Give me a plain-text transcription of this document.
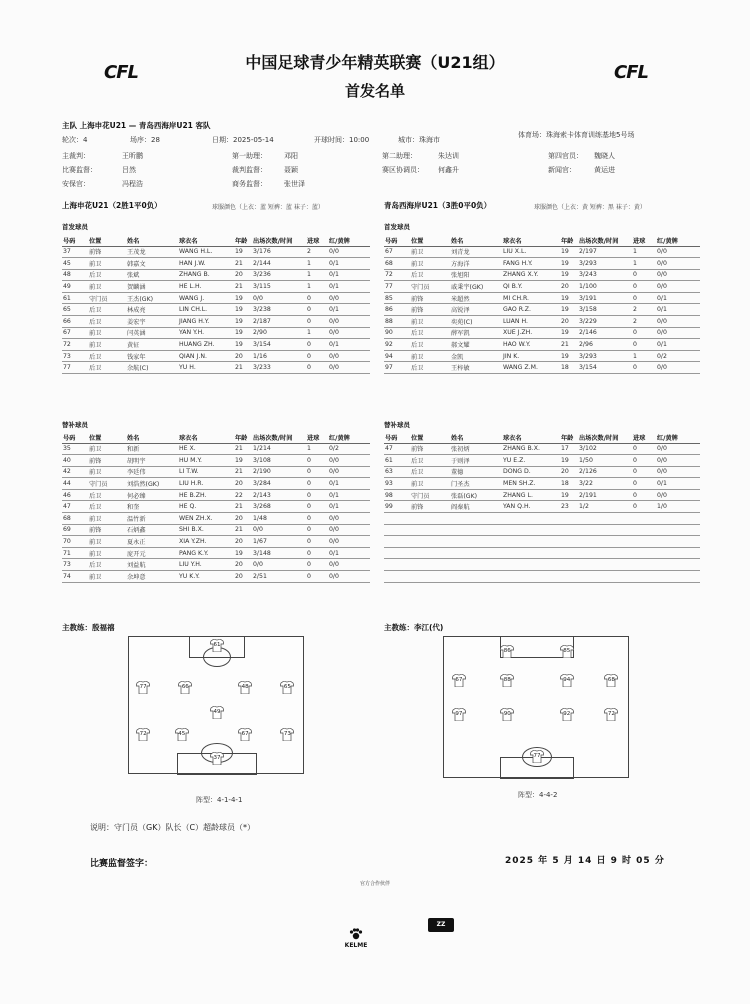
CFL	CFL
中国足球青少年精英联赛（U21组）
首发名单
主队 上海申花U21 — 青岛西海岸U21 客队
轮次：4	场序：28	日期：2025-05-14	开球时间：10:00	城市：珠海市
体育场：珠海索卡体育训练基地5号场
主裁判：	王昕鹏	第一助理： 邓阳	第二助理：	朱达训	第四官员： 魏晓人
比赛监督：	吕然	裁判监督： 聂颖	赛区协调员： 何鑫升	新闻官：	黄运进
安保官：	冯程浩	商务监督： 张世泽
上海申花U21（2胜1平0负）	球服颜色（上衣：蓝 短裤：蓝 袜子：蓝）
首发球员
号码	位置	姓名	球衣名	年龄	出场次数/时间	进球	红/黄牌
37	前锋	王茂龙	WANG H.L.	19	3/176	2	0/0
45	前卫	韩嘉文	HAN J.W.	21	2/144	1	0/1
48	后卫	张斌	ZHANG B.	20	3/236	1	0/1
49	前卫	贺麟涵	HE L.H.	21	3/115	1	0/1
61	守门员	王杰(GK)	WANG J.	19	0/0	0	0/0
65	后卫	林成亮	LIN CH.L.	19	3/238	0	0/1
66	后卫	姜宏宇	JIANG H.Y.	19	2/187	0	0/0
67	前卫	闫英涵	YAN Y.H.	19	2/90	1	0/0
72	前卫	黄征	HUANG ZH.	19	3/154	0	0/1
73	后卫	钱家年	QIAN J.N.	20	1/16	0	0/0
77	后卫	余航(C)	YU H.	21	3/233	0	0/0
替补球员
号码	位置	姓名	球衣名	年龄	出场次数/时间	进球	红/黄牌
35	前卫	和新	HE X.	21	1/214	1	0/2
40	前锋	胡明宇	HU M.Y.	19	3/108	0	0/0
42	前卫	李廷伟	LI T.W.	21	2/190	0	0/0
44	守门员	刘浩然(GK)	LIU H.R.	20	3/284	0	0/1
46	后卫	何必臻	HE B.ZH.	22	2/143	0	0/1
47	后卫	和奎	HE Q.	21	3/268	0	0/1
68	前卫	温竹新	WEN ZH.X.	20	1/48	0	0/0
69	前锋	石炳鑫	SHI B.X.	21	0/0	0	0/0
70	前卫	夏永正	XIA Y.ZH.	20	1/67	0	0/0
71	前卫	庞开元	PANG K.Y.	19	3/148	0	0/1
73	后卫	刘益航	LIU Y.H.	20	0/0	0	0/0
74	前卫	余坤意	YU K.Y.	20	2/51	0	0/0
主教练：殷福禧
青岛西海岸U21（3胜0平0负）	球服颜色（上衣：黄 短裤：黑 袜子：黄）
首发球员
号码	位置	姓名	球衣名	年龄	出场次数/时间	进球	红/黄牌
67	前卫	刘青龙	LIU X.L.	19	2/197	1	0/0
68	前卫	方海洋	FANG H.Y.	19	3/293	1	0/0
72	后卫	张旭阳	ZHANG X.Y.	19	3/243	0	0/0
77	守门员	戚秉宇(GK)	QI B.Y.	20	1/100	0	0/0
85	前锋	米超然	MI CH.R.	19	3/191	0	0/1
86	前锋	高锐泽	GAO R.Z.	19	3/158	2	0/1
88	前卫	奕苑(C)	LUAN H.	20	3/229	2	0/0
90	后卫	薛军凯	XUE J.ZH.	19	2/146	0	0/0
92	后卫	郝文耀	HAO W.Y.	21	2/96	0	0/1
94	前卫	金凯	JIN K.	19	3/293	1	0/2
97	后卫	王梓敏	WANG Z.M.	18	3/154	0	0/0
替补球员
号码	位置	姓名	球衣名	年龄	出场次数/时间	进球	红/黄牌
47	前锋	张初炳	ZHANG B.X.	17	3/102	0	0/0
61	后卫	于则泽	YU E.Z.	19	1/50	0	0/0
63	后卫	董德	DONG D.	20	2/126	0	0/0
93	前卫	门圣杰	MEN SH.Z.	18	3/22	0	0/1
98	守门员	张磊(GK)	ZHANG L.	19	2/191	0	0/0
99	前锋	阎秦航	YAN Q.H.	23	1/2	0	1/0

主教练：李江(代)
61
77	66	48	65
49
72	45	67	73
37
阵型：4-1-4-1
86	85
67	88	94	68
97	90	92	72
77
阵型：4-4-2
说明：守门员（GK）队长（C）超龄球员（*）
比赛监督签字：	2025 年 5 月 14 日 9 时 05 分
官方合作伙伴
KELME
ZZ
